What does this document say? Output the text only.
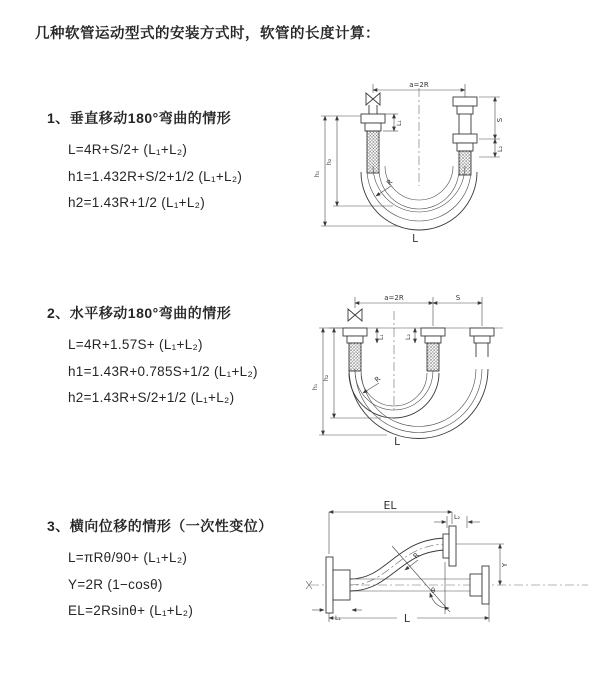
几种软管运动型式的安装方式时，软管的长度计算：

1、垂直移动180°弯曲的情形

L=4R+S/2+ (L₁+L₂)

h1=1.432R+S/2+1/2 (L₁+L₂)

h2=1.43R+1/2 (L₁+L₂)

2、水平移动180°弯曲的情形

L=4R+1.57S+ (L₁+L₂)

h1=1.43R+0.785S+1/2 (L₁+L₂)

h2=1.43R+S/2+1/2 (L₁+L₂)

3、横向位移的情形（一次性变位）

L=πRθ/90+ (L₁+L₂)

Y=2R (1−cosθ)

EL=2Rsinθ+ (L₁+L₂)

a=2R
S
L₂
L₁
h₁
h₂
R
L
a=2R	S
L₁	L₂
h₁
h₂	R
L
EL
L₂
L₁
Y
R
θ
L
